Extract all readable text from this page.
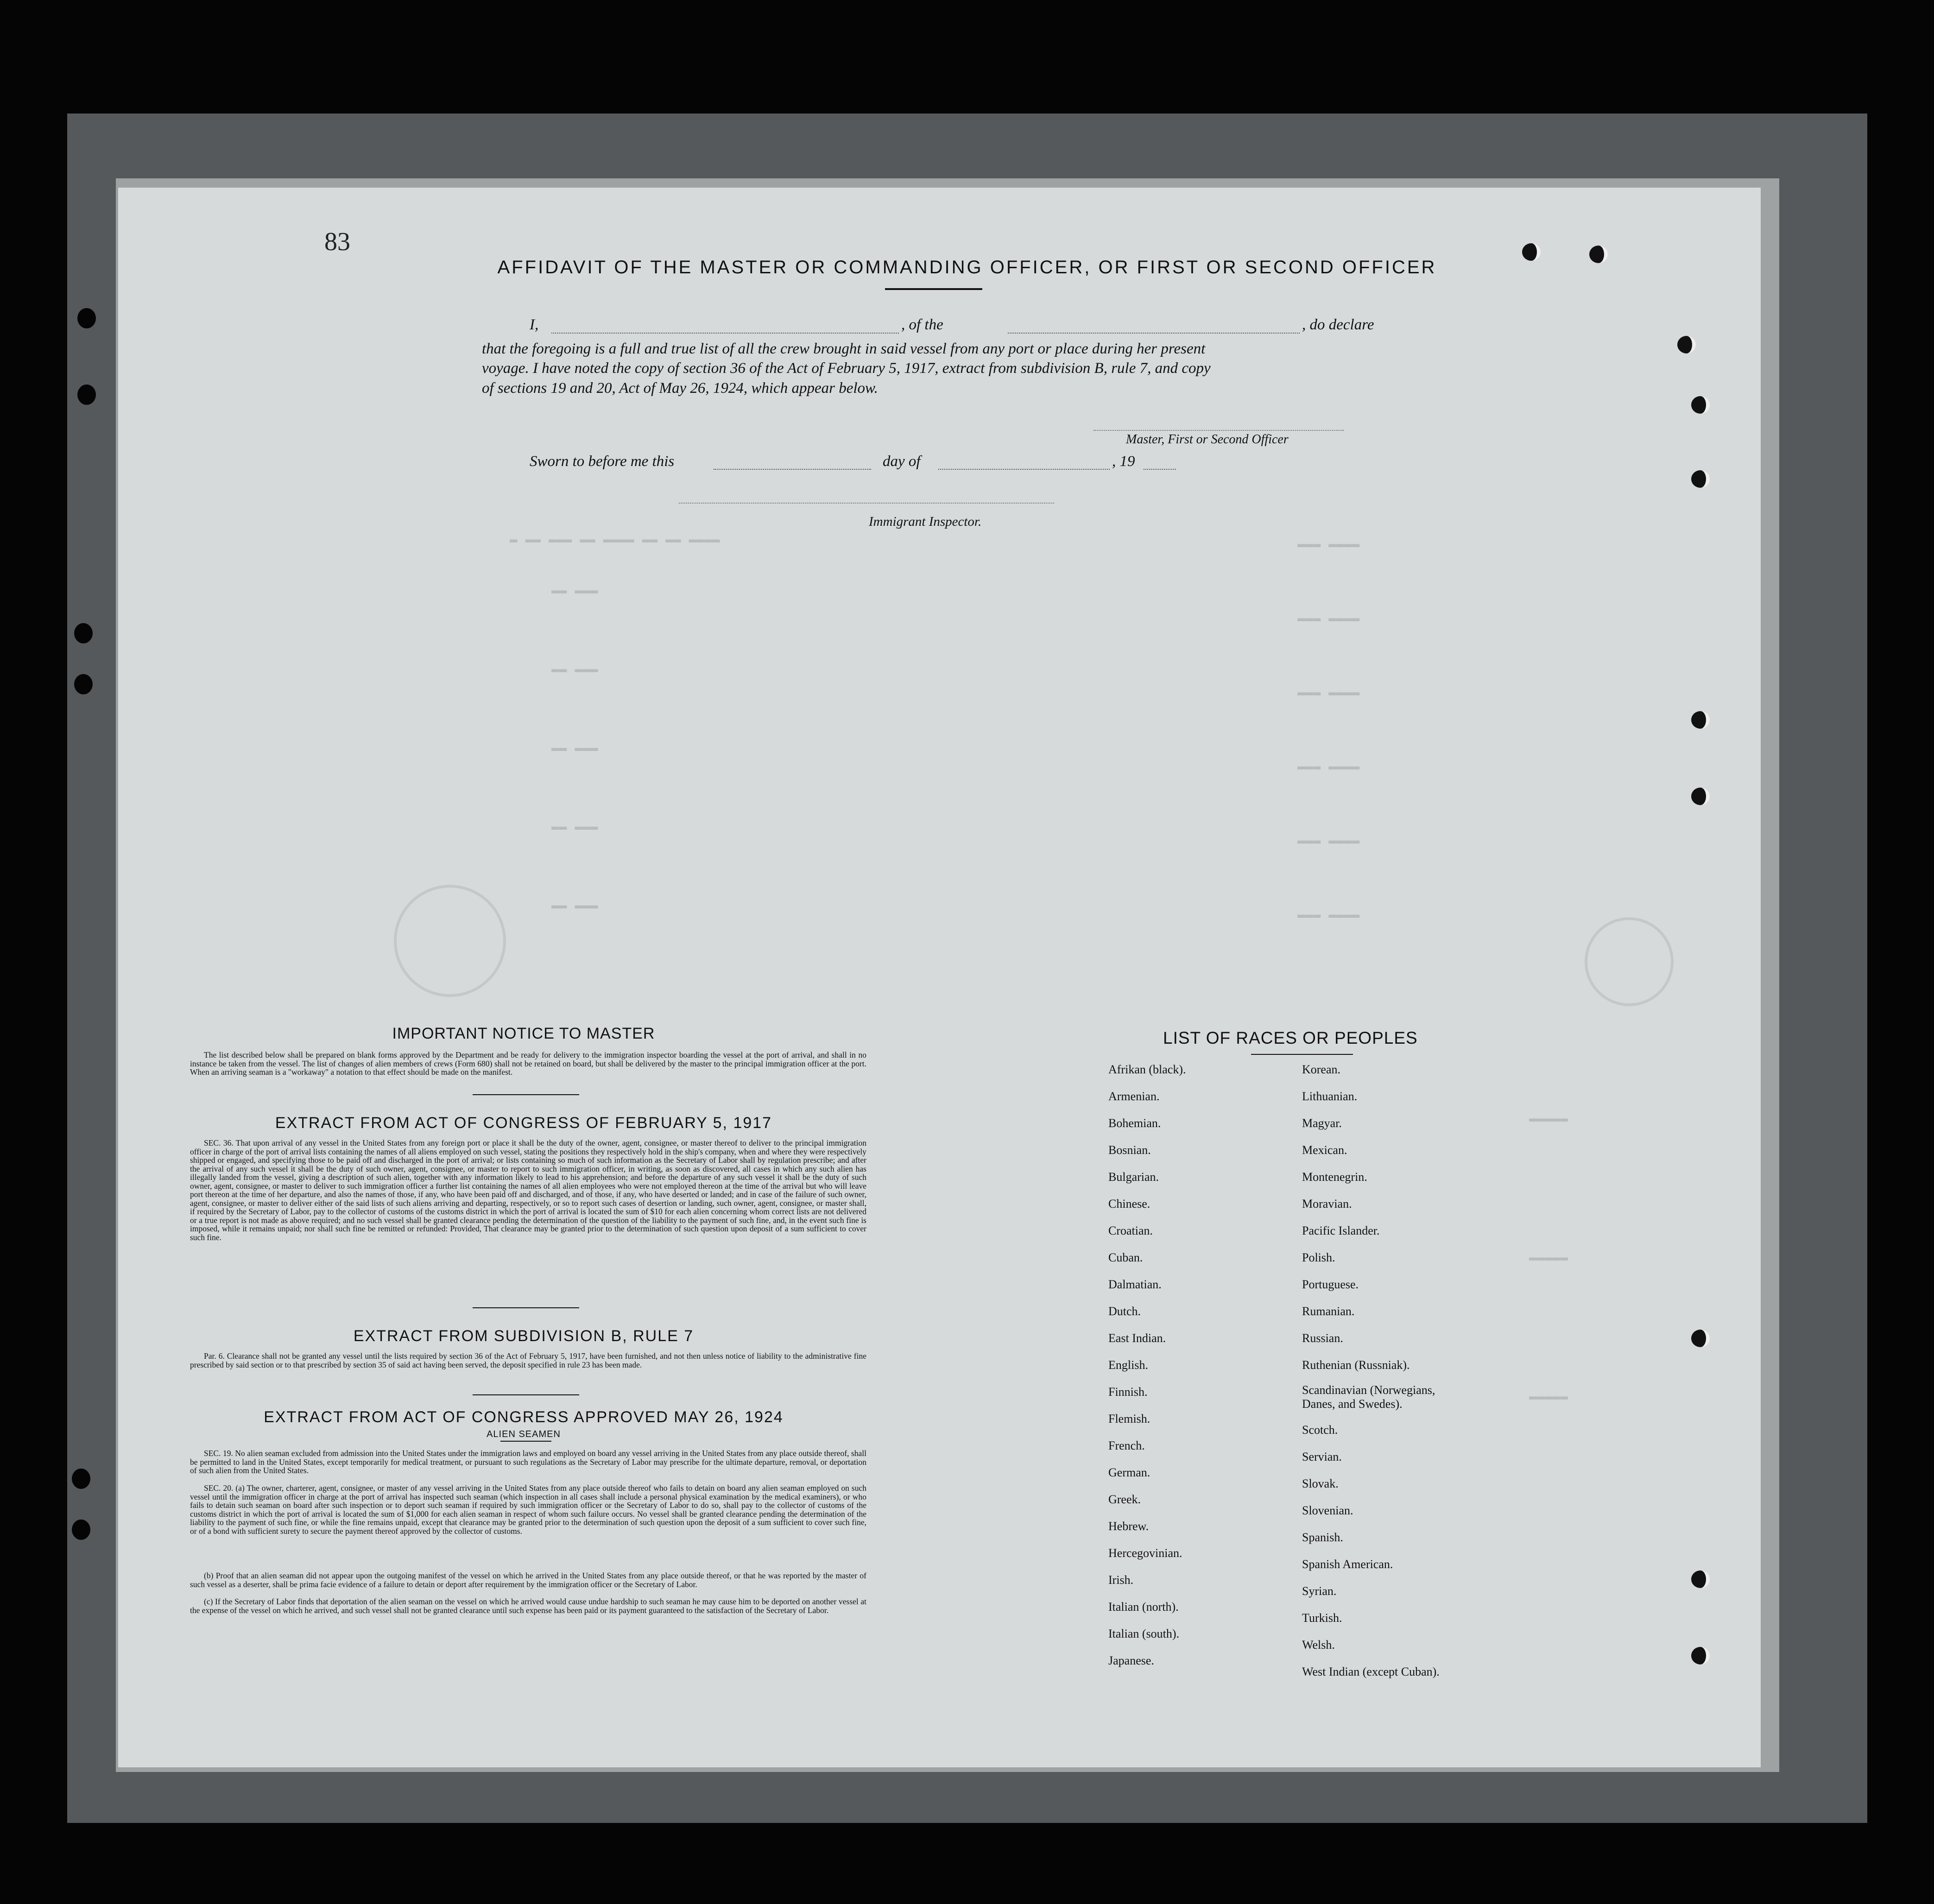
▬ ▬▬ ▬▬▬ ▬▬ ▬▬▬▬ ▬▬ ▬▬ ▬▬▬▬
▬▬ ▬▬▬
▬▬ ▬▬▬
▬▬ ▬▬▬
▬▬ ▬▬▬
▬▬ ▬▬▬
▬▬▬ ▬▬▬▬
▬▬▬ ▬▬▬▬
▬▬▬ ▬▬▬▬
▬▬▬ ▬▬▬▬
▬▬▬ ▬▬▬▬
▬▬▬ ▬▬▬▬
▬▬▬▬▬
▬▬▬▬▬
▬▬▬▬▬
83
AFFIDAVIT OF THE MASTER OR COMMANDING OFFICER, OR FIRST OR SECOND OFFICER
I,	, of the	, do declare
that the foregoing is a full and true list of all the crew brought in said vessel from any port or place during her present
voyage. I have noted the copy of section 36 of the Act of February 5, 1917, extract from subdivision B, rule 7, and copy
of sections 19 and 20, Act of May 26, 1924, which appear below.
Master, First or Second Officer
Sworn to before me this	day of	, 19
Immigrant Inspector.
IMPORTANT NOTICE TO MASTER

The list described below shall be prepared on blank forms approved by the Department and be ready for delivery to the immigration inspector boarding the vessel at the port of arrival, and shall in no instance be taken from the vessel. The list of changes of alien members of crews (Form 680) shall not be retained on board, but shall be delivered by the master to the principal immigration officer at the port. When an arriving seaman is a "workaway" a notation to that effect should be made on the manifest.

EXTRACT FROM ACT OF CONGRESS OF FEBRUARY 5, 1917

SEC. 36. That upon arrival of any vessel in the United States from any foreign port or place it shall be the duty of the owner, agent, consignee, or master thereof to deliver to the principal immigration officer in charge of the port of arrival lists containing the names of all aliens employed on such vessel, stating the positions they respectively hold in the ship's company, when and where they were respectively shipped or engaged, and specifying those to be paid off and discharged in the port of arrival; or lists containing so much of such information as the Secretary of Labor shall by regulation prescribe; and after the arrival of any such vessel it shall be the duty of such owner, agent, consignee, or master to report to such immigration officer, in writing, as soon as discovered, all cases in which any such alien has illegally landed from the vessel, giving a description of such alien, together with any information likely to lead to his apprehension; and before the departure of any such vessel it shall be the duty of such owner, agent, consignee, or master to deliver to such immigration officer a further list containing the names of all alien employees who were not employed thereon at the time of the arrival but who will leave port thereon at the time of her departure, and also the names of those, if any, who have been paid off and discharged, and of those, if any, who have deserted or landed; and in case of the failure of such owner, agent, consignee, or master to deliver either of the said lists of such aliens arriving and departing, respectively, or so to report such cases of desertion or landing, such owner, agent, consignee, or master shall, if required by the Secretary of Labor, pay to the collector of customs of the customs district in which the port of arrival is located the sum of $10 for each alien concerning whom correct lists are not delivered or a true report is not made as above required; and no such vessel shall be granted clearance pending the determination of the question of the liability to the payment of such fine, and, in the event such fine is imposed, while it remains unpaid; nor shall such fine be remitted or refunded: Provided, That clearance may be granted prior to the determination of such question upon deposit of a sum sufficient to cover such fine.

EXTRACT FROM SUBDIVISION B, RULE 7

Par. 6. Clearance shall not be granted any vessel until the lists required by section 36 of the Act of February 5, 1917, have been furnished, and not then unless notice of liability to the administrative fine prescribed by said section or to that prescribed by section 35 of said act having been served, the deposit specified in rule 23 has been made.

EXTRACT FROM ACT OF CONGRESS APPROVED MAY 26, 1924
ALIEN SEAMEN

SEC. 19. No alien seaman excluded from admission into the United States under the immigration laws and employed on board any vessel arriving in the United States from any place outside thereof, shall be permitted to land in the United States, except temporarily for medical treatment, or pursuant to such regulations as the Secretary of Labor may prescribe for the ultimate departure, removal, or deportation of such alien from the United States.

SEC. 20. (a) The owner, charterer, agent, consignee, or master of any vessel arriving in the United States from any place outside thereof who fails to detain on board any alien seaman employed on such vessel until the immigration officer in charge at the port of arrival has inspected such seaman (which inspection in all cases shall include a personal physical examination by the medical examiners), or who fails to detain such seaman on board after such inspection or to deport such seaman if required by such immigration officer or the Secretary of Labor to do so, shall pay to the collector of customs of the customs district in which the port of arrival is located the sum of $1,000 for each alien seaman in respect of whom such failure occurs. No vessel shall be granted clearance pending the determination of the liability to the payment of such fine, or while the fine remains unpaid, except that clearance may be granted prior to the determination of such question upon the deposit of a sum sufficient to cover such fine, or of a bond with sufficient surety to secure the payment thereof approved by the collector of customs.

(b) Proof that an alien seaman did not appear upon the outgoing manifest of the vessel on which he arrived in the United States from any place outside thereof, or that he was reported by the master of such vessel as a deserter, shall be prima facie evidence of a failure to detain or deport after requirement by the immigration officer or the Secretary of Labor.

(c) If the Secretary of Labor finds that deportation of the alien seaman on the vessel on which he arrived would cause undue hardship to such seaman he may cause him to be deported on another vessel at the expense of the vessel on which he arrived, and such vessel shall not be granted clearance until such expense has been paid or its payment guaranteed to the satisfaction of the Secretary of Labor.

LIST OF RACES OR PEOPLES
Afrikan (black).
Armenian.
Bohemian.
Bosnian.
Bulgarian.
Chinese.
Croatian.
Cuban.
Dalmatian.
Dutch.
East Indian.
English.
Finnish.
Flemish.
French.
German.
Greek.
Hebrew.
Hercegovinian.
Irish.
Italian (north).
Italian (south).
Japanese.
Korean.
Lithuanian.
Magyar.
Mexican.
Montenegrin.
Moravian.
Pacific Islander.
Polish.
Portuguese.
Rumanian.
Russian.
Ruthenian (Russniak).
Scandinavian (Norwegians, Danes, and Swedes).
Scotch.
Servian.
Slovak.
Slovenian.
Spanish.
Spanish American.
Syrian.
Turkish.
Welsh.
West Indian (except Cuban).
